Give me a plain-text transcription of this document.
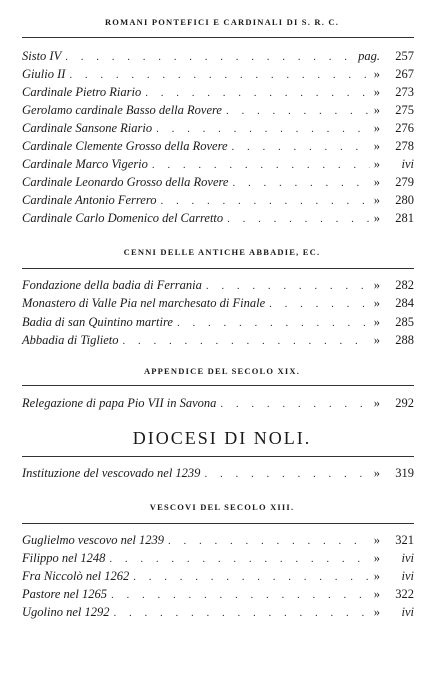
ROMANI PONTEFICI E CARDINALI DI S. R. C.
Sisto IV . . .	pag.	257
Giulio II . . .	»	267
Cardinale Pietro Riario . . .	»	273
Gerolamo cardinale Basso della Rovere . . .	»	275
Cardinale Sansone Riario . . .	»	276
Cardinale Clemente Grosso della Rovere . . .	»	278
Cardinale Marco Vigerio . . .	»	ivi
Cardinale Leonardo Grosso della Rovere . . .	»	279
Cardinale Antonio Ferrero . . .	»	280
Cardinale Carlo Domenico del Carretto . . .	»	281
CENNI DELLE ANTICHE ABBADIE, EC.
Fondazione della badia di Ferrania . . .	»	282
Monastero di Valle Pia nel marchesato di Finale . . .	»	284
Badia di san Quintino martire . . .	»	285
Abbadia di Tiglieto . . .	»	288
APPENDICE DEL SECOLO XIX.
Relegazione di papa Pio VII in Savona . . .	»	292
DIOCESI DI NOLI.
Instituzione del vescovado nel 1239 . . .	»	319
VESCOVI DEL SECOLO XIII.
Guglielmo vescovo nel 1239 . . .	»	321
Filippo nel 1248 . . .	»	ivi
Fra Niccolò nel 1262 . . .	»	ivi
Pastore nel 1265 . . .	»	322
Ugolino nel 1292 . . .	»	ivi
